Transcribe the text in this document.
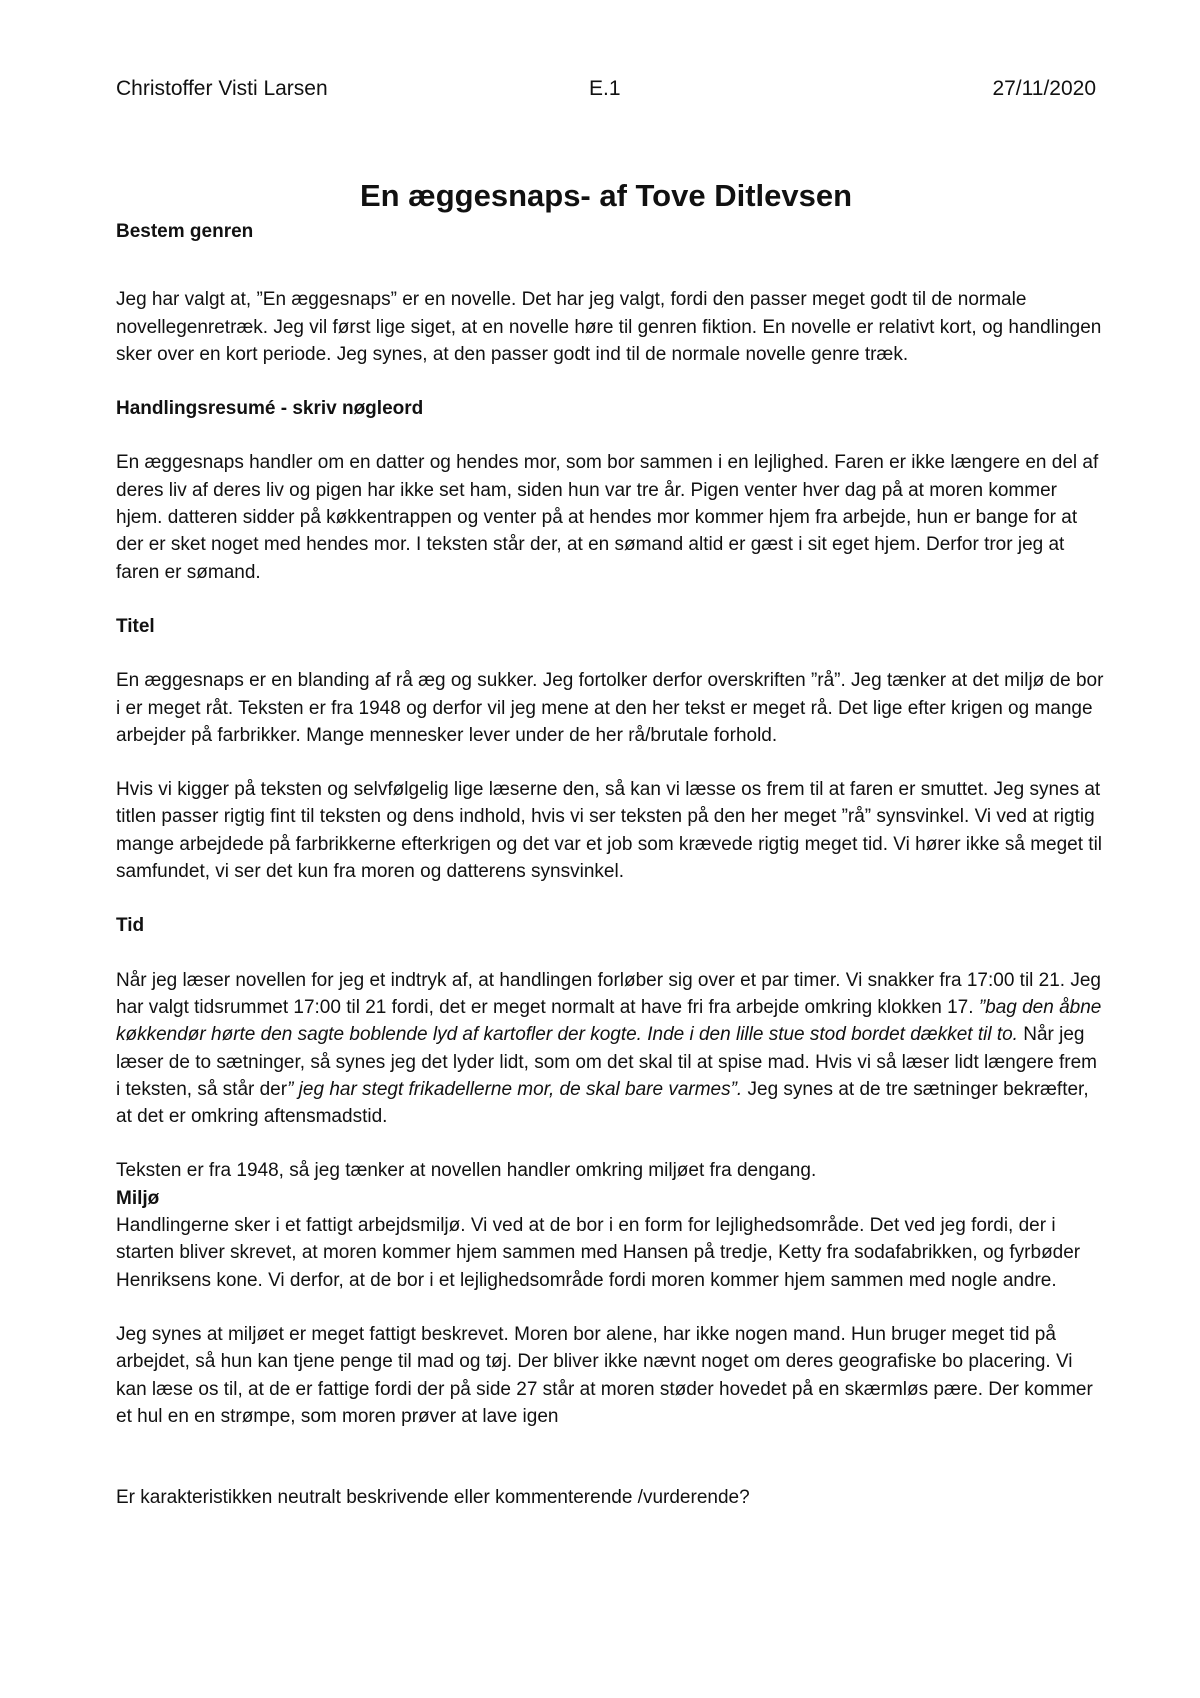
Christoffer Visti Larsen	E.1	27/11/2020
En æggesnaps- af Tove Ditlevsen

Bestem genren

Jeg har valgt at, ”En æggesnaps” er en novelle. Det har jeg valgt, fordi den passer meget godt til de normale novellegenretræk. Jeg vil først lige siget, at en novelle høre til genren fiktion. En novelle er relativt kort, og handlingen sker over en kort periode. Jeg synes, at den passer godt ind til de normale novelle genre træk.

Handlingsresumé - skriv nøgleord

En æggesnaps handler om en datter og hendes mor, som bor sammen i en lejlighed. Faren er ikke længere en del af deres liv af deres liv og pigen har ikke set ham, siden hun var tre år. Pigen venter hver dag på at moren kommer hjem. datteren sidder på køkkentrappen og venter på at hendes mor kommer hjem fra arbejde, hun er bange for at der er sket noget med hendes mor. I teksten står der, at en sømand altid er gæst i sit eget hjem. Derfor tror jeg at faren er sømand.

Titel

En æggesnaps er en blanding af rå æg og sukker. Jeg fortolker derfor overskriften ”rå”. Jeg tænker at det miljø de bor i er meget råt. Teksten er fra 1948 og derfor vil jeg mene at den her tekst er meget rå. Det lige efter krigen og mange arbejder på farbrikker. Mange mennesker lever under de her rå/brutale forhold.

Hvis vi kigger på teksten og selvfølgelig lige læserne den, så kan vi læsse os frem til at faren er smuttet. Jeg synes at titlen passer rigtig fint til teksten og dens indhold, hvis vi ser teksten på den her meget ”rå” synsvinkel. Vi ved at rigtig mange arbejdede på farbrikkerne efterkrigen og det var et job som krævede rigtig meget tid. Vi hører ikke så meget til samfundet, vi ser det kun fra moren og datterens synsvinkel.

Tid

Når jeg læser novellen for jeg et indtryk af, at handlingen forløber sig over et par timer. Vi snakker fra 17:00 til 21. Jeg har valgt tidsrummet 17:00 til 21 fordi, det er meget normalt at have fri fra arbejde omkring klokken 17. ”bag den åbne køkkendør hørte den sagte boblende lyd af kartofler der kogte. Inde i den lille stue stod bordet dækket til to. Når jeg læser de to sætninger, så synes jeg det lyder lidt, som om det skal til at spise mad. Hvis vi så læser lidt længere frem i teksten, så står der” jeg har stegt frikadellerne mor, de skal bare varmes”. Jeg synes at de tre sætninger bekræfter, at det er omkring aftensmadstid.

Teksten er fra 1948, så jeg tænker at novellen handler omkring miljøet fra dengang.

Miljø

Handlingerne sker i et fattigt arbejdsmiljø. Vi ved at de bor i en form for lejlighedsområde. Det ved jeg fordi, der i starten bliver skrevet, at moren kommer hjem sammen med Hansen på tredje, Ketty fra sodafabrikken, og fyrbøder Henriksens kone. Vi derfor, at de bor i et lejlighedsområde fordi moren kommer hjem sammen med nogle andre.

Jeg synes at miljøet er meget fattigt beskrevet. Moren bor alene, har ikke nogen mand. Hun bruger meget tid på arbejdet, så hun kan tjene penge til mad og tøj. Der bliver ikke nævnt noget om deres geografiske bo placering. Vi kan læse os til, at de er fattige fordi der på side 27 står at moren støder hovedet på en skærmløs pære. Der kommer et hul en en strømpe, som moren prøver at lave igen

Er karakteristikken neutralt beskrivende eller kommenterende /vurderende?
